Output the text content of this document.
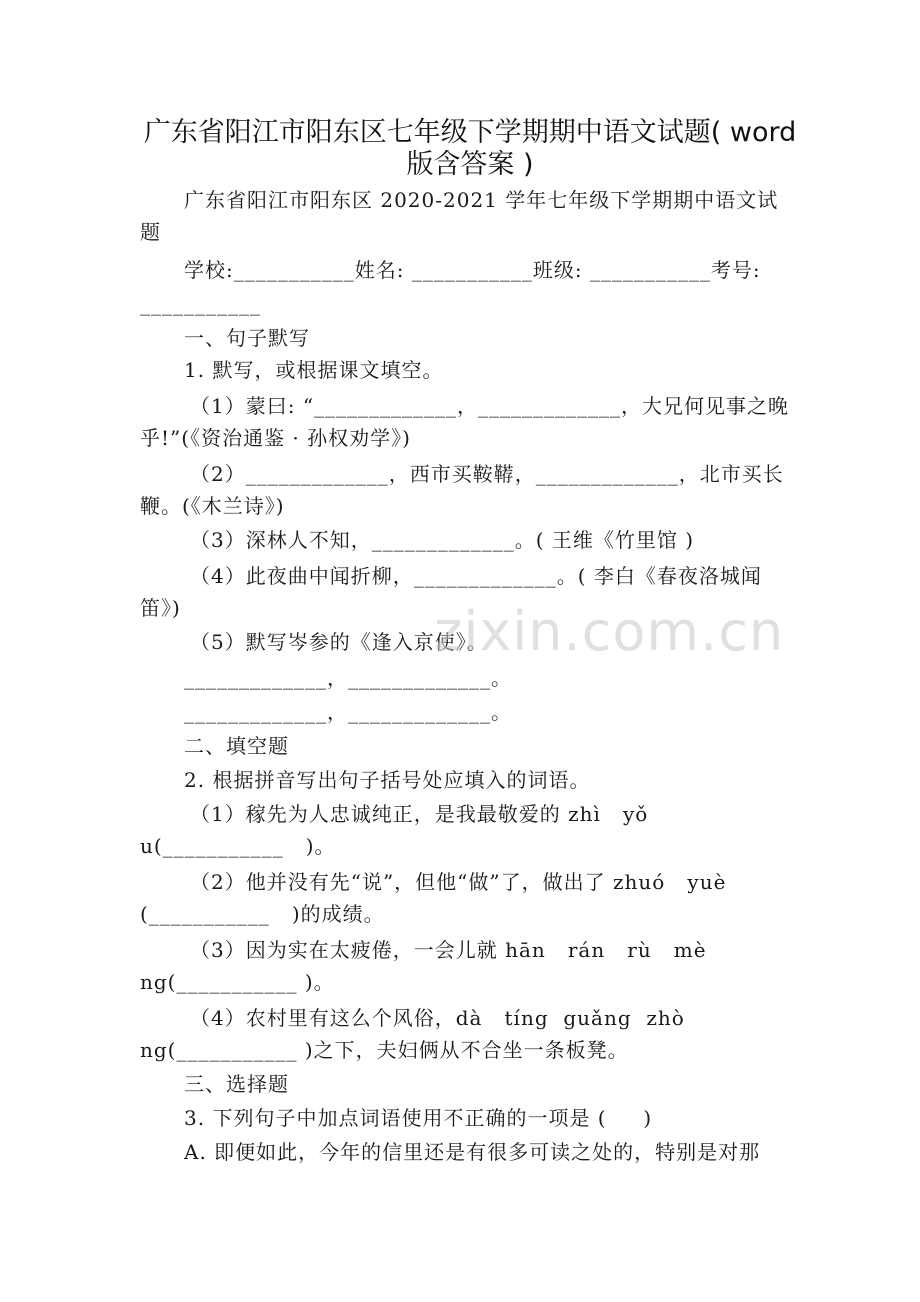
广东省阳江市阳东区七年级下学期期中语文试题( word
版含答案 )
广东省阳江市阳东区 2020-2021 学年七年级下学期期中语文试
题
学校:___________姓名: ___________班级: ___________考号:
___________
一、句子默写
1. 默写，或根据课文填空。
（1）蒙曰: “_____________，_____________，大兄何见事之晚
乎!”(《资治通鉴 · 孙权劝学》)
（2）_____________，西市买鞍鞯，_____________，北市买长
鞭。(《木兰诗》)
（3）深林人不知，_____________。( 王维《竹里馆 )
（4）此夜曲中闻折柳，_____________。( 李白《春夜洛城闻
笛》)
（5）默写岑参的《逢入京使》。
_____________，_____________。
_____________，_____________。
二、填空题
2. 根据拼音写出句子括号处应填入的词语。
（1）稼先为人忠诚纯正，是我最敬爱的 zhì   yǒ
u(___________   )。
（2）他并没有先“说”，但他“做”了，做出了 zhuó   yuè
(___________   )的成绩。
（3）因为实在太疲倦，一会儿就 hān   rán   rù   mè
ng(___________ )。
（4）农村里有这么个风俗，dà   tíng  guǎng  zhò
ng(___________ )之下，夫妇俩从不合坐一条板凳。
三、选择题
3. 下列句子中加点词语使用不正确的一项是 (     )
A. 即便如此，今年的信里还是有很多可读之处的，特别是对那
zixin.com.cn
